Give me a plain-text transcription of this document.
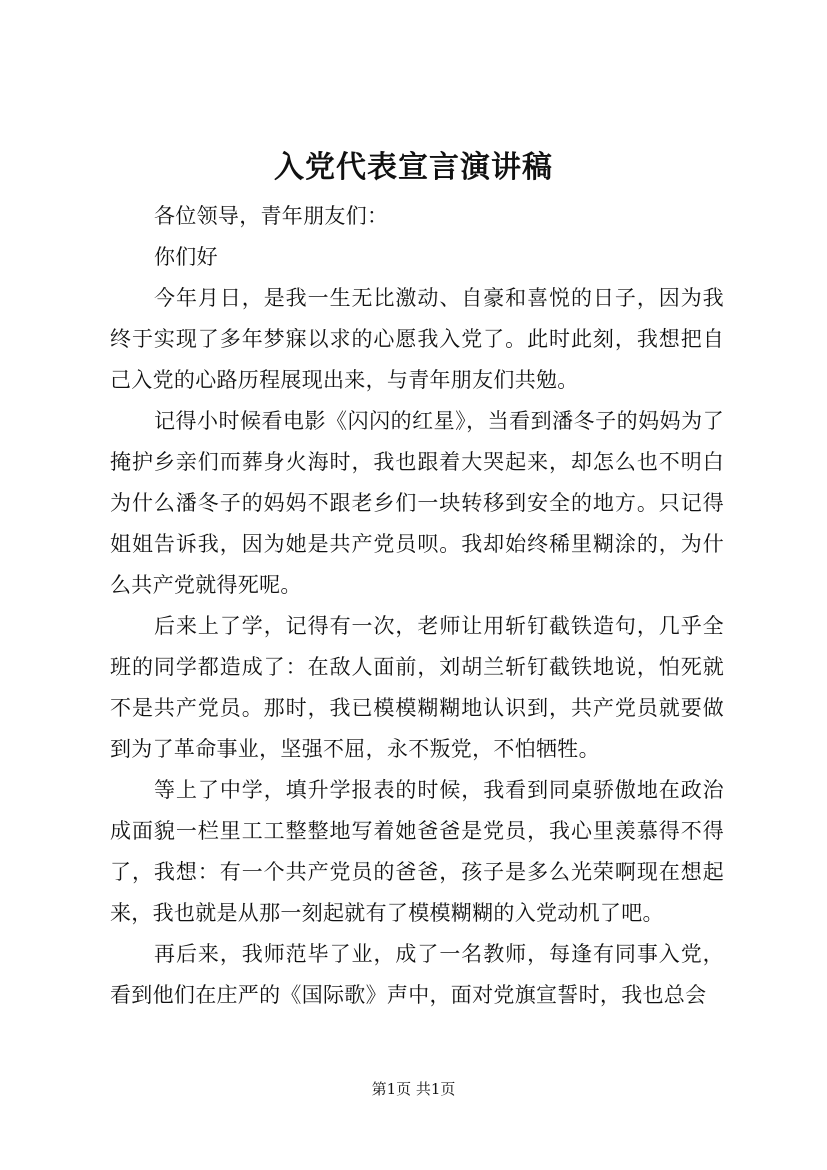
入党代表宣言演讲稿

各位领导，青年朋友们：

你们好

今年月日，是我一生无比激动、自豪和喜悦的日子，因为我终于实现了多年梦寐以求的心愿我入党了。此时此刻，我想把自己入党的心路历程展现出来，与青年朋友们共勉。

记得小时候看电影《闪闪的红星》，当看到潘冬子的妈妈为了掩护乡亲们而葬身火海时，我也跟着大哭起来，却怎么也不明白为什么潘冬子的妈妈不跟老乡们一块转移到安全的地方。只记得姐姐告诉我，因为她是共产党员呗。我却始终稀里糊涂的，为什么共产党就得死呢。

后来上了学，记得有一次，老师让用斩钉截铁造句，几乎全班的同学都造成了：在敌人面前，刘胡兰斩钉截铁地说，怕死就不是共产党员。那时，我已模模糊糊地认识到，共产党员就要做到为了革命事业，坚强不屈，永不叛党，不怕牺牲。

等上了中学，填升学报表的时候，我看到同桌骄傲地在政治成面貌一栏里工工整整地写着她爸爸是党员，我心里羡慕得不得了，我想：有一个共产党员的爸爸，孩子是多么光荣啊现在想起来，我也就是从那一刻起就有了模模糊糊的入党动机了吧。

再后来，我师范毕了业，成了一名教师，每逢有同事入党，看到他们在庄严的《国际歌》声中，面对党旗宣誓时，我也总会

第1页 共1页
